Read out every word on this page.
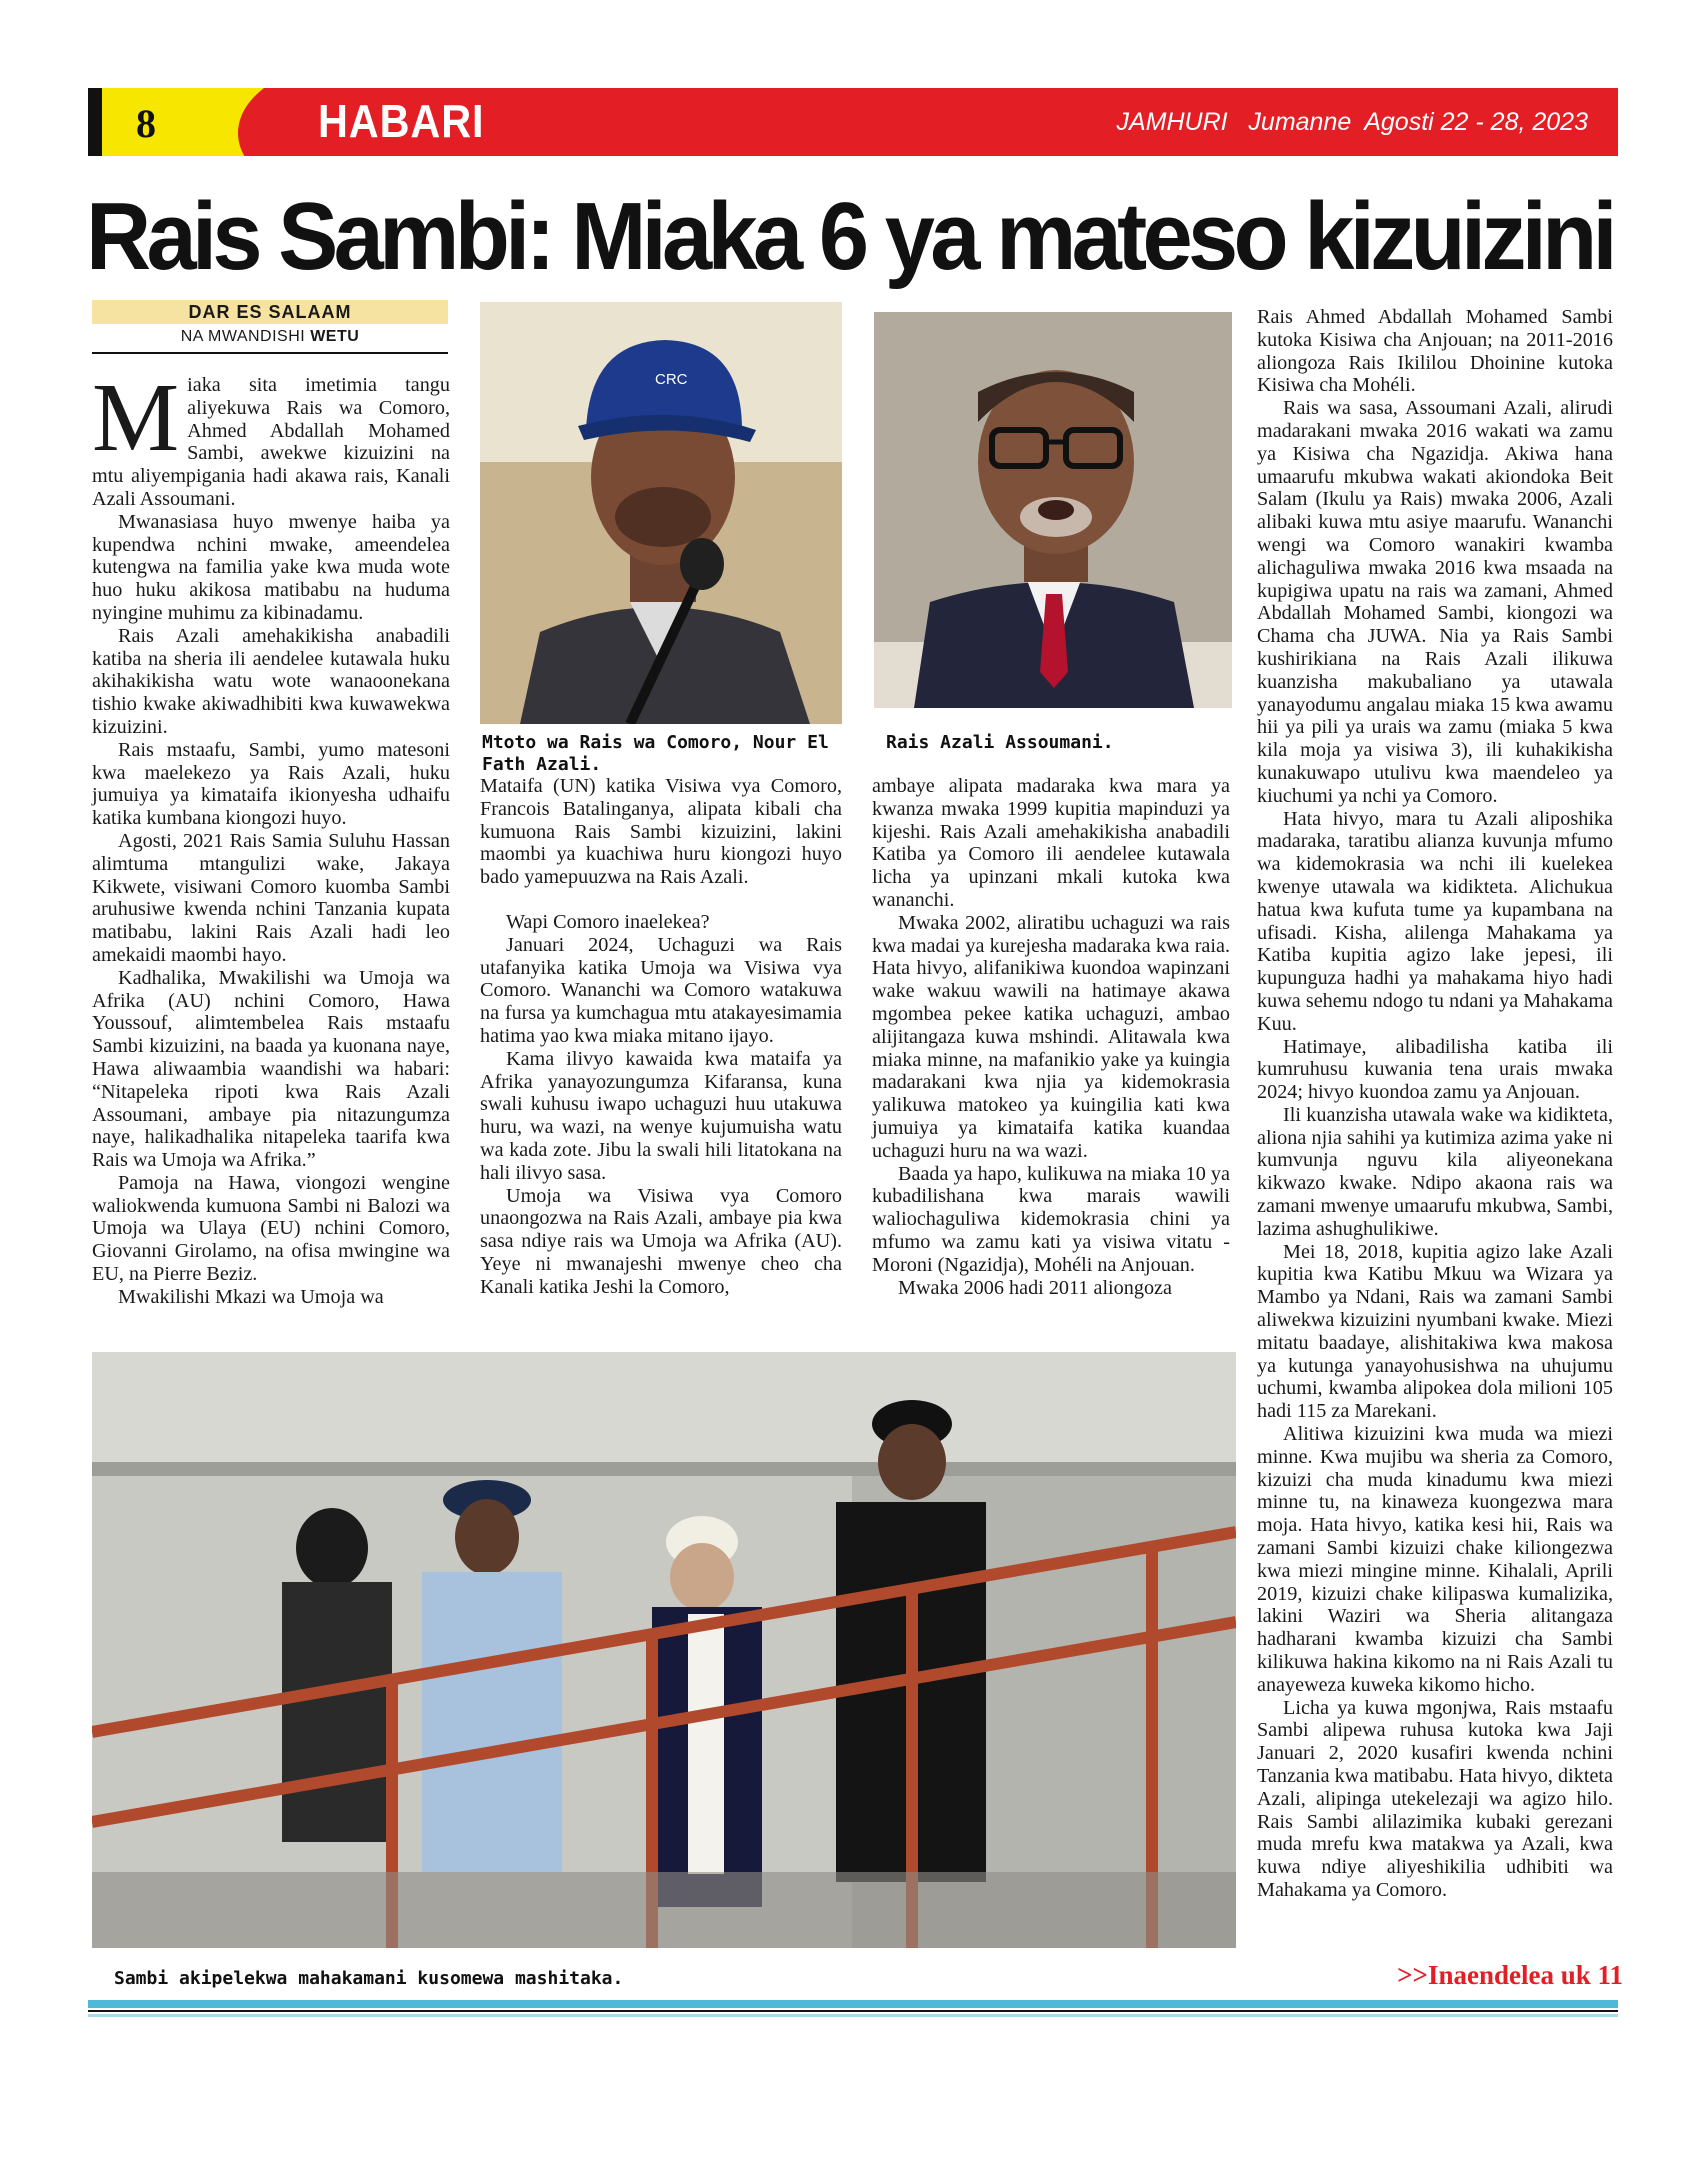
8	HABARI	JAMHURI   Jumanne  Agosti 22 - 28, 2023
Rais Sambi: Miaka 6 ya mateso kizuizini
DAR ES SALAAM
NA MWANDISHI WETU

Miaka sita imetimia tangu aliyekuwa Rais wa Comoro, Ahmed Abdallah Mohamed Sambi, awekwe kizuizini na mtu aliyempigania hadi akawa rais, Kanali Azali Assoumani.

Mwanasiasa huyo mwenye haiba ya kupendwa nchini mwake, ameendelea kutengwa na familia yake kwa muda wote huo huku akikosa matibabu na huduma nyingine muhimu za kibinadamu.

Rais Azali amehakikisha anabadili katiba na sheria ili aendelee kutawala huku akihakikisha watu wote wanaoonekana tishio kwake akiwadhibiti kwa kuwawekwa kizuizini.

Rais mstaafu, Sambi, yumo matesoni kwa maelekezo ya Rais Azali, huku jumuiya ya kimataifa ikionyesha udhaifu katika kumbana kiongozi huyo.

Agosti, 2021 Rais Samia Suluhu Hassan alimtuma mtangulizi wake, Jakaya Kikwete, visiwani Comoro kuomba Sambi aruhusiwe kwenda nchini Tanzania kupata matibabu, lakini Rais Azali hadi leo amekaidi maombi hayo.

Kadhalika, Mwakilishi wa Umoja wa Afrika (AU) nchini Comoro, Hawa Youssouf, alimtembelea Rais mstaafu Sambi kizuizini, na baada ya kuonana naye, Hawa aliwaambia waandishi wa habari: “Nitapeleka ripoti kwa Rais Azali Assoumani, ambaye pia nitazungumza naye, halikadhalika nitapeleka taarifa kwa Rais wa Umoja wa Afrika.”

Pamoja na Hawa, viongozi wengine waliokwenda kumuona Sambi ni Balozi wa Umoja wa Ulaya (EU) nchini Comoro, Giovanni Girolamo, na ofisa mwingine wa EU, na Pierre Beziz.

Mwakilishi Mkazi wa Umoja wa

CRC
Mtoto wa Rais wa Comoro, Nour El Fath Azali.
Rais Azali Assoumani.

Mataifa (UN) katika Visiwa vya Comoro, Francois Batalinganya, alipata kibali cha kumuona Rais Sambi kizuizini, lakini maombi ya kuachiwa huru kiongozi huyo bado yamepuuzwa na Rais Azali.

Wapi Comoro inaelekea?

Januari 2024, Uchaguzi wa Rais utafanyika katika Umoja wa Visiwa vya Comoro. Wananchi wa Comoro watakuwa na fursa ya kumchagua mtu atakayesimamia hatima yao kwa miaka mitano ijayo.

Kama ilivyo kawaida kwa mataifa ya Afrika yanayozungumza Kifaransa, kuna swali kuhusu iwapo uchaguzi huu utakuwa huru, wa wazi, na wenye kujumuisha watu wa kada zote. Jibu la swali hili litatokana na hali ilivyo sasa.

Umoja wa Visiwa vya Comoro unaongozwa na Rais Azali, ambaye pia kwa sasa ndiye rais wa Umoja wa Afrika (AU). Yeye ni mwanajeshi mwenye cheo cha Kanali katika Jeshi la Comoro,

ambaye alipata madaraka kwa mara ya kwanza mwaka 1999 kupitia mapinduzi ya kijeshi. Rais Azali amehakikisha anabadili Katiba ya Comoro ili aendelee kutawala licha ya upinzani mkali kutoka kwa wananchi.

Mwaka 2002, aliratibu uchaguzi wa rais kwa madai ya kurejesha madaraka kwa raia. Hata hivyo, alifanikiwa kuondoa wapinzani wake wakuu wawili na hatimaye akawa mgombea pekee katika uchaguzi, ambao alijitangaza kuwa mshindi. Alitawala kwa miaka minne, na mafanikio yake ya kuingia madarakani kwa njia ya kidemokrasia yalikuwa matokeo ya kuingilia kati kwa jumuiya ya kimataifa katika kuandaa uchaguzi huru na wa wazi.

Baada ya hapo, kulikuwa na miaka 10 ya kubadilishana kwa marais wawili waliochaguliwa kidemokrasia chini ya mfumo wa zamu kati ya visiwa vitatu - Moroni (Ngazidja), Mohéli na Anjouan.

Mwaka 2006 hadi 2011 aliongoza

Rais Ahmed Abdallah Mohamed Sambi kutoka Kisiwa cha Anjouan; na 2011-2016 aliongoza Rais Ikililou Dhoinine kutoka Kisiwa cha Mohéli.

Rais wa sasa, Assoumani Azali, alirudi madarakani mwaka 2016 wakati wa zamu ya Kisiwa cha Ngazidja. Akiwa hana umaarufu mkubwa wakati akiondoka Beit Salam (Ikulu ya Rais) mwaka 2006, Azali alibaki kuwa mtu asiye maarufu. Wananchi wengi wa Comoro wanakiri kwamba alichaguliwa mwaka 2016 kwa msaada na kupigiwa upatu na rais wa zamani, Ahmed Abdallah Mohamed Sambi, kiongozi wa Chama cha JUWA. Nia ya Rais Sambi kushirikiana na Rais Azali ilikuwa kuanzisha makubaliano ya utawala yanayodumu angalau miaka 15 kwa awamu hii ya pili ya urais wa zamu (miaka 5 kwa kila moja ya visiwa 3), ili kuhakikisha kunakuwapo utulivu kwa maendeleo ya kiuchumi ya nchi ya Comoro.

Hata hivyo, mara tu Azali aliposhika madaraka, taratibu alianza kuvunja mfumo wa kidemokrasia wa nchi ili kuelekea kwenye utawala wa kidikteta. Alichukua hatua kwa kufuta tume ya kupambana na ufisadi. Kisha, alilenga Mahakama ya Katiba kupitia agizo lake jepesi, ili kupunguza hadhi ya mahakama hiyo hadi kuwa sehemu ndogo tu ndani ya Mahakama Kuu.

Hatimaye, alibadilisha katiba ili kumruhusu kuwania tena urais mwaka 2024; hivyo kuondoa zamu ya Anjouan.

Ili kuanzisha utawala wake wa kidikteta, aliona njia sahihi ya kutimiza azima yake ni kumvunja nguvu kila aliyeonekana kikwazo kwake. Ndipo akaona rais wa zamani mwenye umaarufu mkubwa, Sambi, lazima ashughulikiwe.

Mei 18, 2018, kupitia agizo lake Azali kupitia kwa Katibu Mkuu wa Wizara ya Mambo ya Ndani, Rais wa zamani Sambi aliwekwa kizuizini nyumbani kwake. Miezi mitatu baadaye, alishitakiwa kwa makosa ya kutunga yanayohusishwa na uhujumu uchumi, kwamba alipokea dola milioni 105 hadi 115 za Marekani.

Alitiwa kizuizini kwa muda wa miezi minne. Kwa mujibu wa sheria za Comoro, kizuizi cha muda kinadumu kwa miezi minne tu, na kinaweza kuongezwa mara moja. Hata hivyo, katika kesi hii, Rais wa zamani Sambi kizuizi chake kiliongezwa kwa miezi mingine minne. Kihalali, Aprili 2019, kizuizi chake kilipaswa kumalizika, lakini Waziri wa Sheria alitangaza hadharani kwamba kizuizi cha Sambi kilikuwa hakina kikomo na ni Rais Azali tu anayeweza kuweka kikomo hicho.

Licha ya kuwa mgonjwa, Rais mstaafu Sambi alipewa ruhusa kutoka kwa Jaji Januari 2, 2020 kusafiri kwenda nchini Tanzania kwa matibabu. Hata hivyo, dikteta Azali, alipinga utekelezaji wa agizo hilo. Rais Sambi alilazimika kubaki gerezani muda mrefu kwa matakwa ya Azali, kwa kuwa ndiye aliyeshikilia udhibiti wa Mahakama ya Comoro.

Sambi akipelekwa mahakamani kusomewa mashitaka.	>>Inaendelea uk 11
